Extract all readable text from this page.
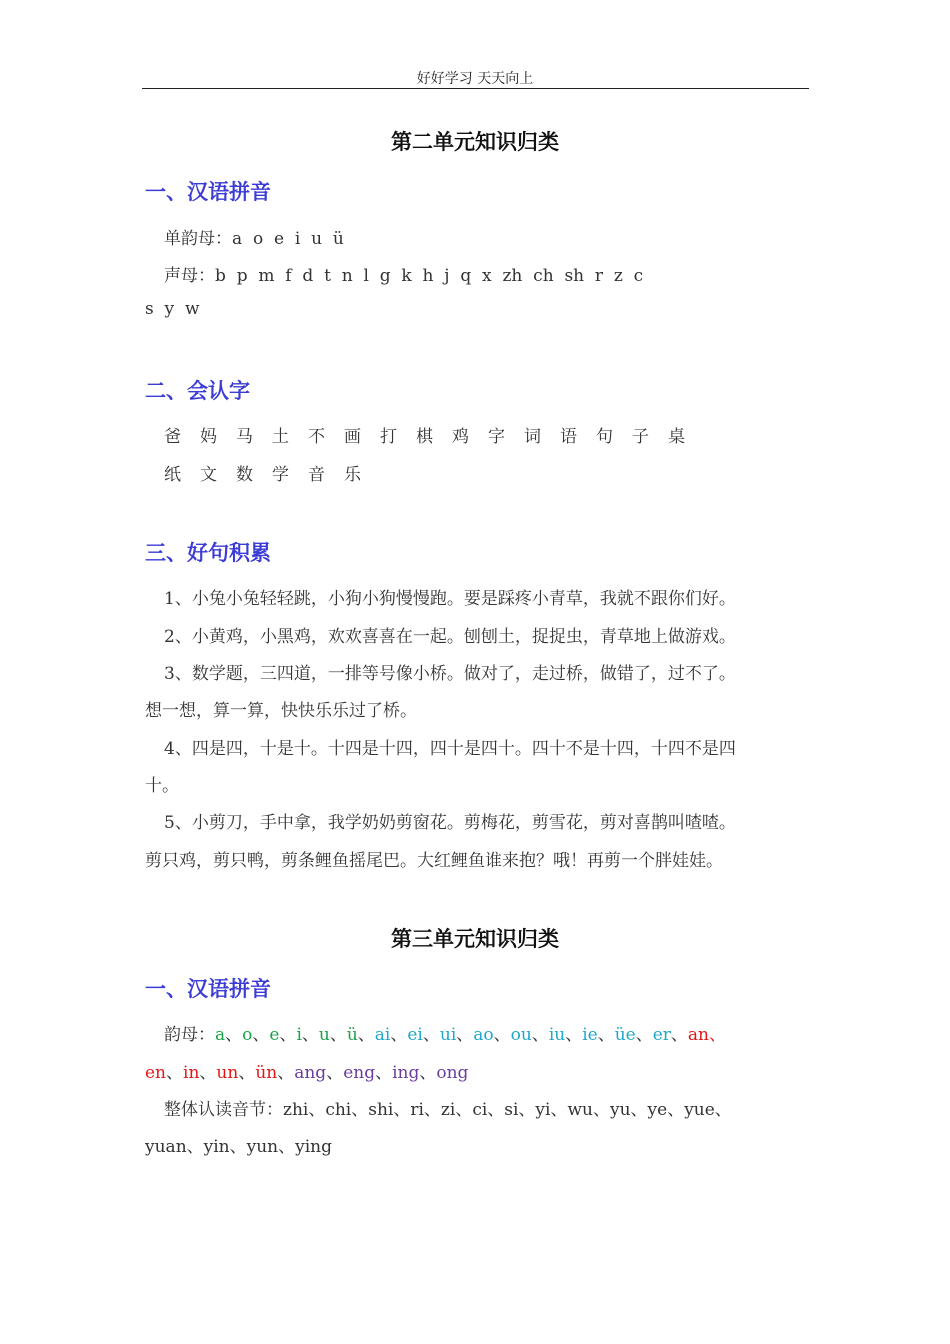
好好学习 天天向上
第二单元知识归类
一、汉语拼音
单韵母：a  o  e  i  u  ü
声母：b  p  m  f  d  t  n  l  g  k  h  j  q  x  zh  ch  sh  r  z  c
s  y  w
二、会认字
爸 妈 马 土 不 画 打 棋 鸡 字 词 语 句 子 桌
纸 文 数 学 音 乐
三、好句积累
1、小兔小兔轻轻跳，小狗小狗慢慢跑。要是踩疼小青草，我就不跟你们好。
2、小黄鸡，小黑鸡，欢欢喜喜在一起。刨刨土，捉捉虫，青草地上做游戏。
3、数学题，三四道，一排等号像小桥。做对了，走过桥，做错了，过不了。
想一想，算一算，快快乐乐过了桥。
4、四是四，十是十。十四是十四，四十是四十。四十不是十四，十四不是四
十。
5、小剪刀，手中拿，我学奶奶剪窗花。剪梅花，剪雪花，剪对喜鹊叫喳喳。
剪只鸡，剪只鸭，剪条鲤鱼摇尾巴。大红鲤鱼谁来抱？哦！再剪一个胖娃娃。
第三单元知识归类
一、汉语拼音
韵母：a、o、e、i、u、ü、ai、ei、ui、ao、ou、iu、ie、üe、er、an、
en、in、un、ün、ang、eng、ing、ong
整体认读音节：zhi、chi、shi、ri、zi、ci、si、yi、wu、yu、ye、yue、
yuan、yin、yun、ying
